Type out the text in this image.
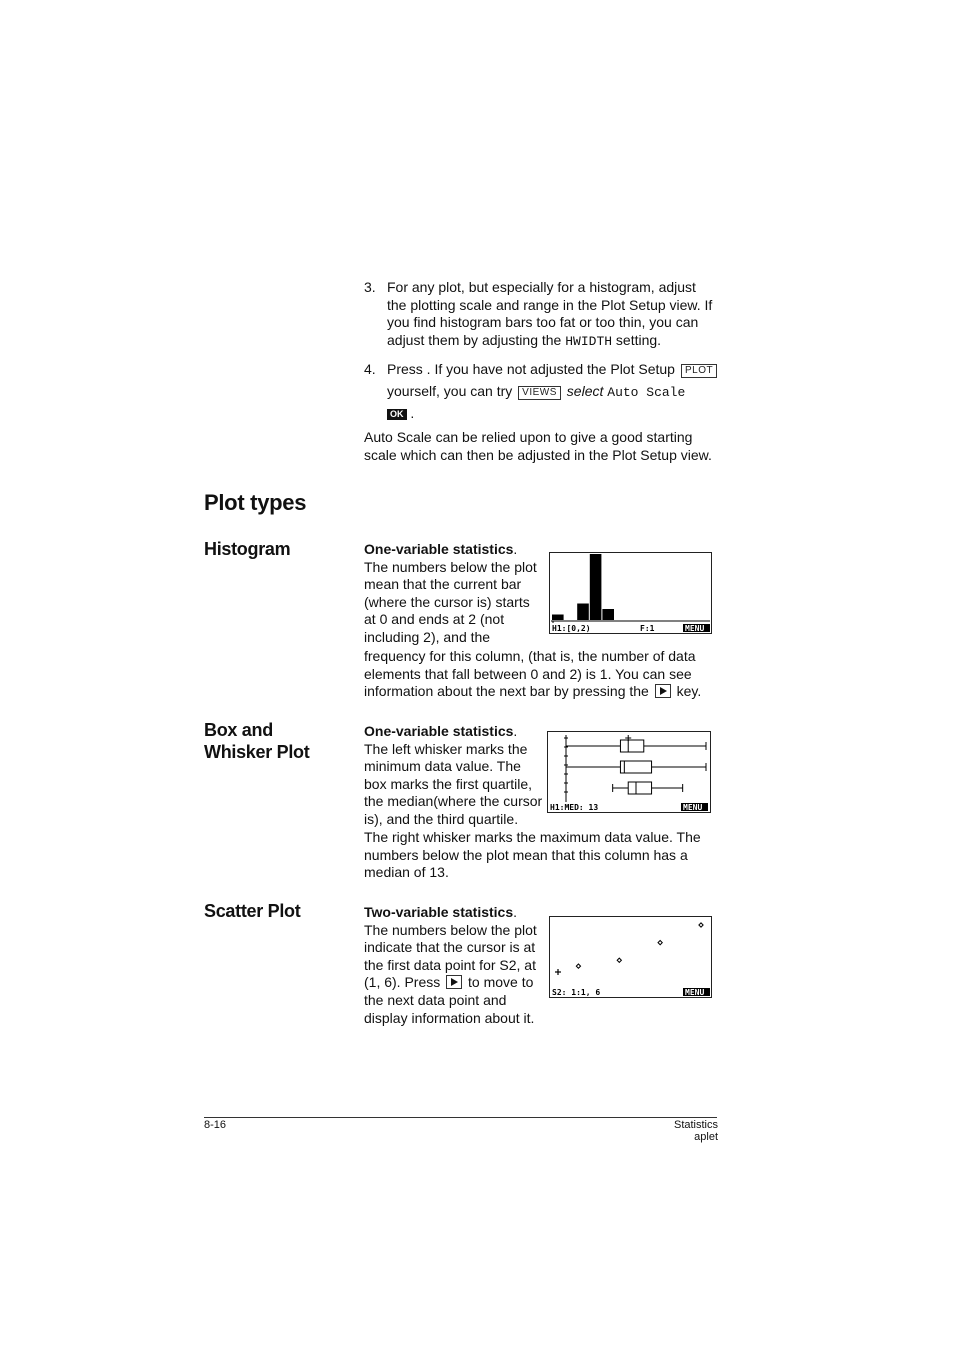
3. For any plot, but especially for a histogram, adjust the plotting scale and range in the Plot Setup view. If you find histogram bars too fat or too thin, you can adjust them by adjusting the HWIDTH setting.
4. Press . If you have not adjusted the Plot Setup PLOT
yourself, you can try VIEWS select Auto Scale
OK .
Auto Scale can be relied upon to give a good starting scale which can then be adjusted in the Plot Setup view.
Plot types
Histogram	One-variable statistics. The numbers below the plot mean that the current bar (where the cursor is) starts at 0 and ends at 2 (not including 2), and the
frequency for this column, (that is, the number of data elements that fall between 0 and 2) is 1. You can see information about the next bar by pressing the key.
H1:[0,2)	F:1	MENU
Box and
Whisker Plot
One-variable statistics. The left whisker marks the minimum data value. The box marks the first quartile, the median(where the cursor is), and the third quartile.
The right whisker marks the maximum data value. The numbers below the plot mean that this column has a median of 13.
H1:MED: 13	MENU
Scatter Plot	Two-variable statistics. The numbers below the plot indicate that the cursor is at the first data point for S2, at (1, 6). Press to move to the next data point and display information about it.
S2: 1:1, 6	MENU
8-16	Statistics aplet
